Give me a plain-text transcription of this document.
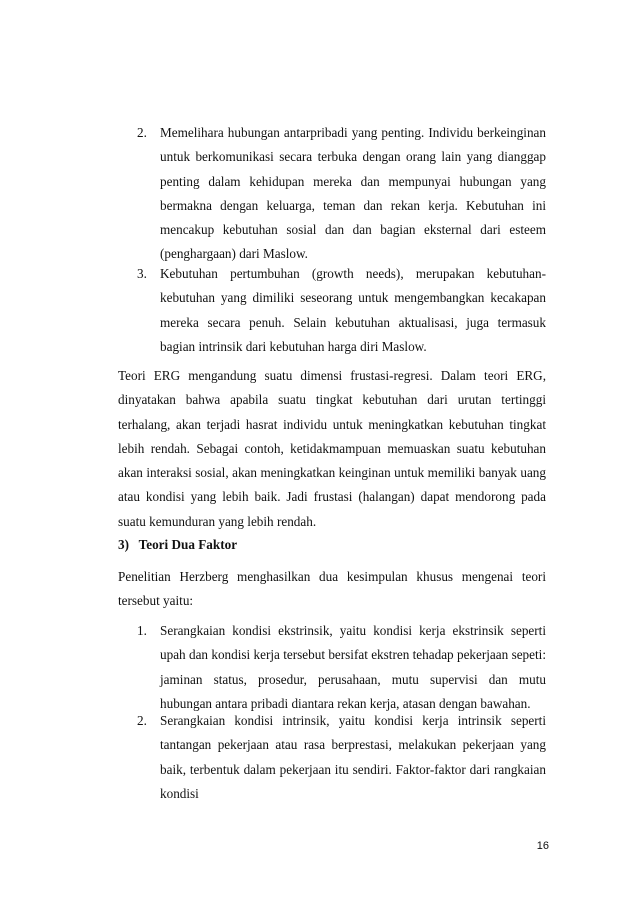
2. Memelihara hubungan antarpribadi yang penting. Individu berkeinginan untuk berkomunikasi secara terbuka dengan orang lain yang dianggap penting dalam kehidupan mereka dan mempunyai hubungan yang bermakna dengan keluarga, teman dan rekan kerja. Kebutuhan ini mencakup kebutuhan sosial dan dan bagian eksternal dari esteem (penghargaan) dari Maslow.
3. Kebutuhan pertumbuhan (growth needs), merupakan kebutuhan-kebutuhan yang dimiliki seseorang untuk mengembangkan kecakapan mereka secara penuh. Selain kebutuhan aktualisasi, juga termasuk bagian intrinsik dari kebutuhan harga diri Maslow.
Teori ERG mengandung suatu dimensi frustasi-regresi. Dalam teori ERG, dinyatakan bahwa apabila suatu tingkat kebutuhan dari urutan tertinggi terhalang, akan terjadi hasrat individu untuk meningkatkan kebutuhan tingkat lebih rendah. Sebagai contoh, ketidakmampuan memuaskan suatu kebutuhan akan interaksi sosial, akan meningkatkan keinginan untuk memiliki banyak uang atau kondisi yang lebih baik. Jadi frustasi (halangan) dapat mendorong pada suatu kemunduran yang lebih rendah.
3)   Teori Dua Faktor
Penelitian Herzberg menghasilkan dua kesimpulan khusus mengenai teori tersebut yaitu:
1. Serangkaian kondisi ekstrinsik, yaitu kondisi kerja ekstrinsik seperti upah dan kondisi kerja tersebut bersifat ekstren tehadap pekerjaan sepeti: jaminan status, prosedur, perusahaan, mutu supervisi dan mutu hubungan antara pribadi diantara rekan kerja, atasan dengan bawahan.
2. Serangkaian kondisi intrinsik, yaitu kondisi kerja intrinsik seperti tantangan pekerjaan atau rasa berprestasi, melakukan pekerjaan yang baik, terbentuk dalam pekerjaan itu sendiri. Faktor-faktor dari rangkaian kondisi
16
